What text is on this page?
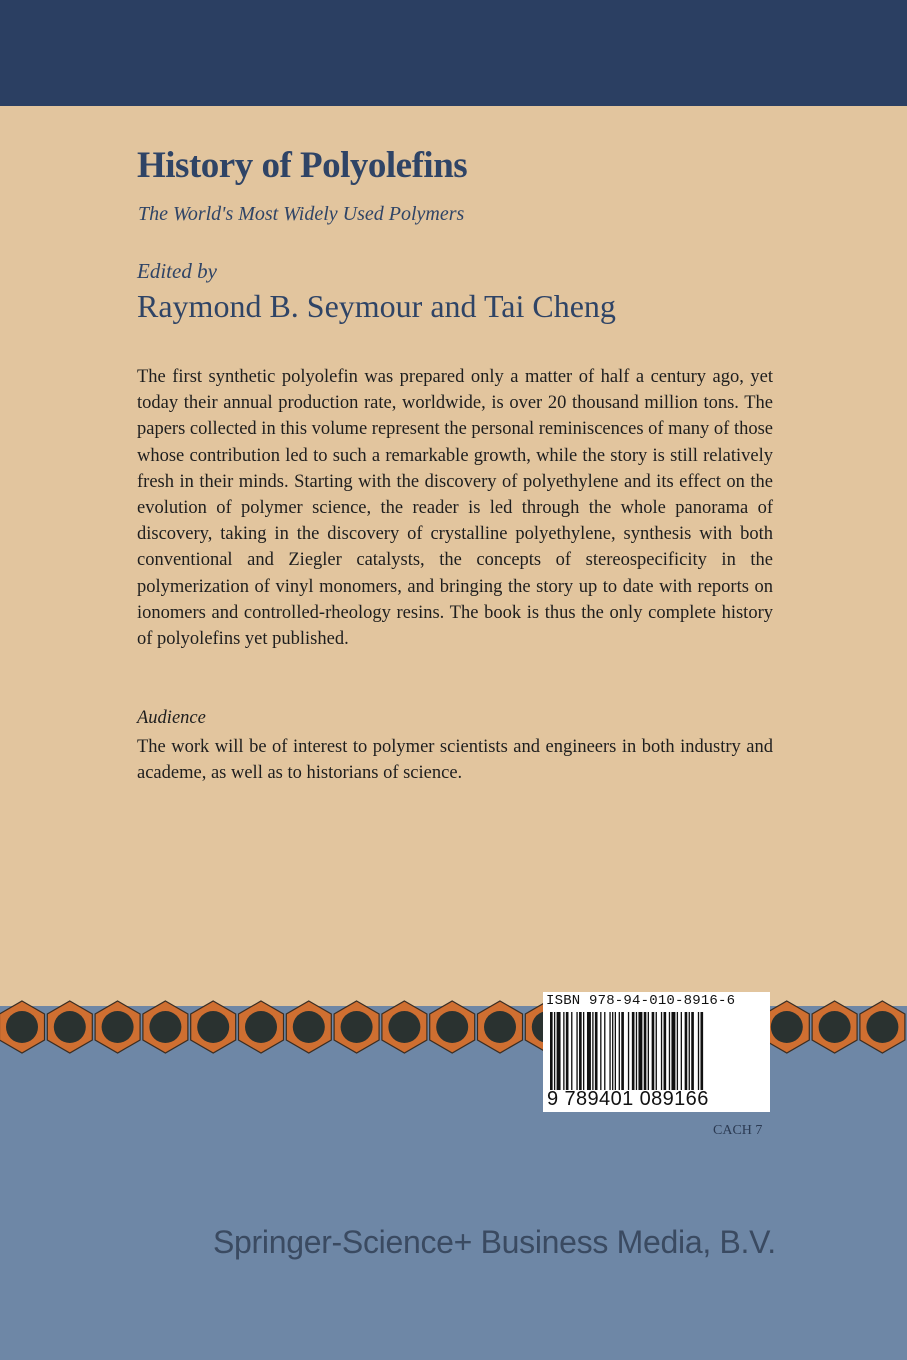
History of Polyolefins

The World's Most Widely Used Polymers

Edited by

Raymond B. Seymour and Tai Cheng

The first synthetic polyolefin was prepared only a matter of half a century ago, yet today their annual production rate, worldwide, is over 20 thousand million tons. The papers collected in this volume represent the personal reminiscences of many of those whose contribution led to such a remarkable growth, while the story is still relatively fresh in their minds. Starting with the discovery of polyethylene and its effect on the evolution of polymer science, the reader is led through the whole panorama of discovery, taking in the discovery of crystalline polyethylene, synthesis with both conventional and Ziegler catalysts, the concepts of stereospecificity in the polymerization of vinyl monomers, and bringing the story up to date with reports on ionomers and controlled-rheology resins. The book is thus the only complete history of polyolefins yet published.

Audience

The work will be of interest to polymer scientists and engineers in both industry and academe, as well as to historians of science.

ISBN 978-94-010-8916-6

9 789401 089166

CACH 7

Springer-Science+ Business Media, B.V.
